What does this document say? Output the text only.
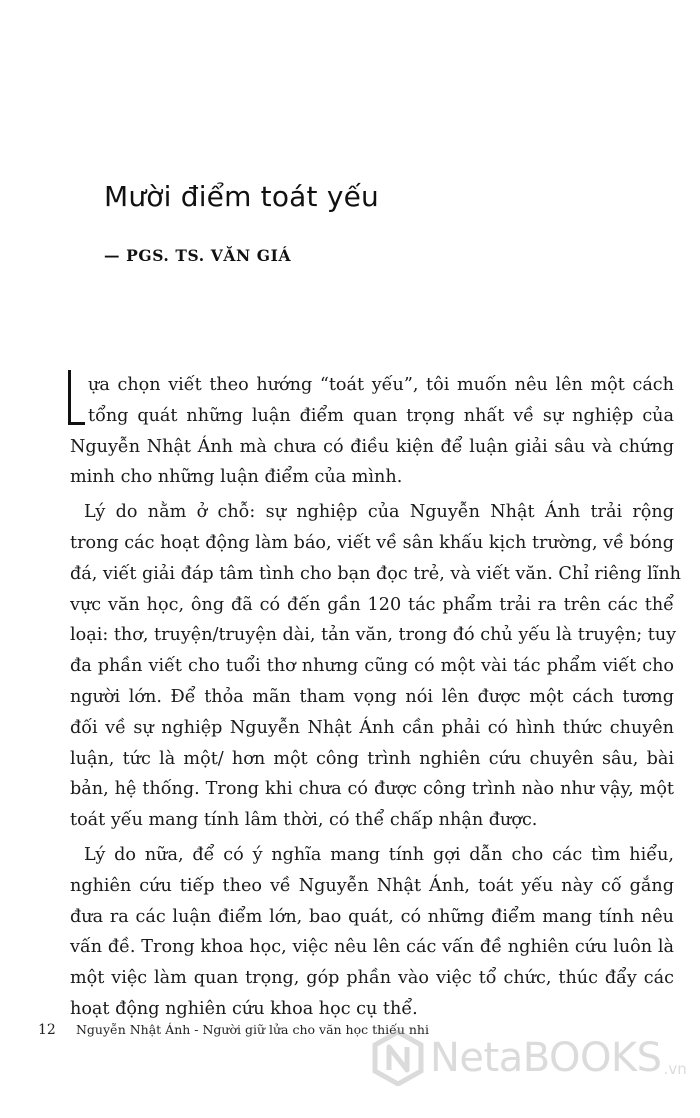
Mười điểm toát yếu
— PGS. TS. VĂN GIÁ
ựa chọn viết theo hướng “toát yếu”, tôi muốn nêu lên một cách
tổng quát những luận điểm quan trọng nhất về sự nghiệp của
Nguyễn Nhật Ánh mà chưa có điều kiện để luận giải sâu và chứng
minh cho những luận điểm của mình.
Lý do nằm ở chỗ: sự nghiệp của Nguyễn Nhật Ánh trải rộng
trong các hoạt động làm báo, viết về sân khấu kịch trường, về bóng
đá, viết giải đáp tâm tình cho bạn đọc trẻ, và viết văn. Chỉ riêng lĩnh
vực văn học, ông đã có đến gần 120 tác phẩm trải ra trên các thể
loại: thơ, truyện/truyện dài, tản văn, trong đó chủ yếu là truyện; tuy
đa phần viết cho tuổi thơ nhưng cũng có một vài tác phẩm viết cho
người lớn. Để thỏa mãn tham vọng nói lên được một cách tương
đối về sự nghiệp Nguyễn Nhật Ánh cần phải có hình thức chuyên
luận, tức là một/ hơn một công trình nghiên cứu chuyên sâu, bài
bản, hệ thống. Trong khi chưa có được công trình nào như vậy, một
toát yếu mang tính lâm thời, có thể chấp nhận được.
Lý do nữa, để có ý nghĩa mang tính gợi dẫn cho các tìm hiểu,
nghiên cứu tiếp theo về Nguyễn Nhật Ánh, toát yếu này cố gắng
đưa ra các luận điểm lớn, bao quát, có những điểm mang tính nêu
vấn đề. Trong khoa học, việc nêu lên các vấn đề nghiên cứu luôn là
một việc làm quan trọng, góp phần vào việc tổ chức, thúc đẩy các
hoạt động nghiên cứu khoa học cụ thể.
12 Nguyễn Nhật Ánh - Người giữ lửa cho văn học thiếu nhi
NetaBOOKS .vn
